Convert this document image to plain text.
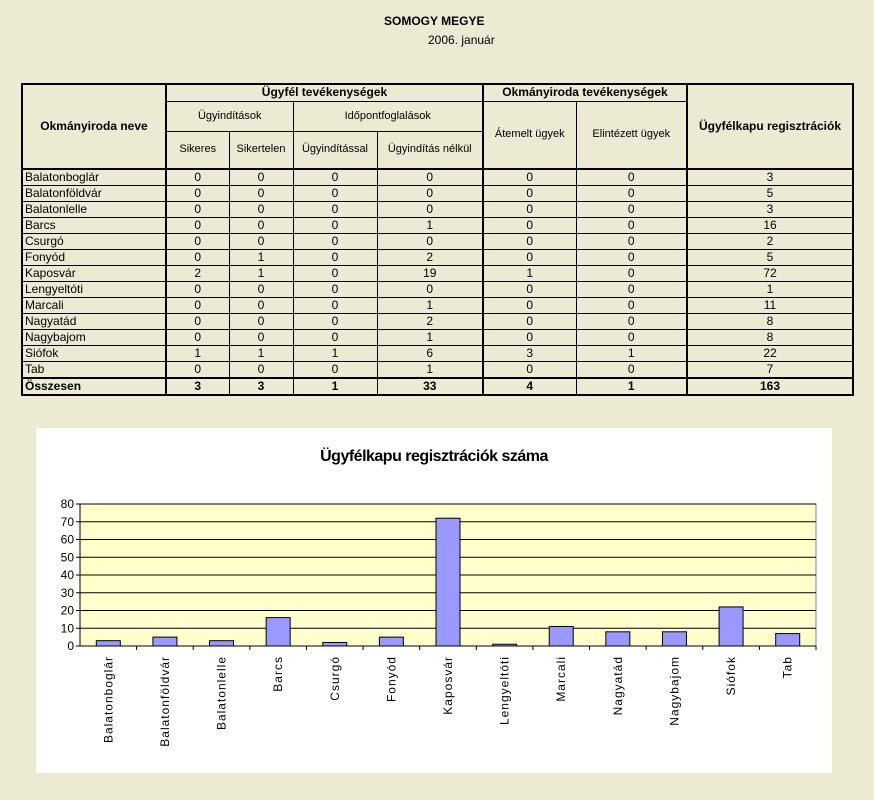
SOMOGY MEGYE
2006. január
Okmányiroda neve	Ügyfél tevékenységek				Okmányiroda tevékenységek		Ügyfélkapu regisztrációk
	Ügyindítások		Időpontfoglalások		Átemelt ügyek	Elintézett ügyek	
	Sikeres	Sikertelen	Ügyindítással	Ügyindítás nélkül			
Balatonboglár	0	0	0	0	0	0	3
Balatonföldvár	0	0	0	0	0	0	5
Balatonlelle	0	0	0	0	0	0	3
Barcs	0	0	0	1	0	0	16
Csurgó	0	0	0	0	0	0	2
Fonyód	0	1	0	2	0	0	5
Kaposvár	2	1	0	19	1	0	72
Lengyeltóti	0	0	0	0	0	0	1
Marcali	0	0	0	1	0	0	11
Nagyatád	0	0	0	2	0	0	8
Nagybajom	0	0	0	1	0	0	8
Siófok	1	1	1	6	3	1	22
Tab	0	0	0	1	0	0	7
Összesen	3	3	1	33	4	1	163
Ügyfélkapu regisztrációk száma
0
10
20
30
40
50
60
70
80
Balatonboglár	Balatonföldvár	Balatonlelle	Barcs	Csurgó	Fonyód	Kaposvár	Lengyeltóti	Marcali	Nagyatád	Nagybajom	Siófok	Tab
